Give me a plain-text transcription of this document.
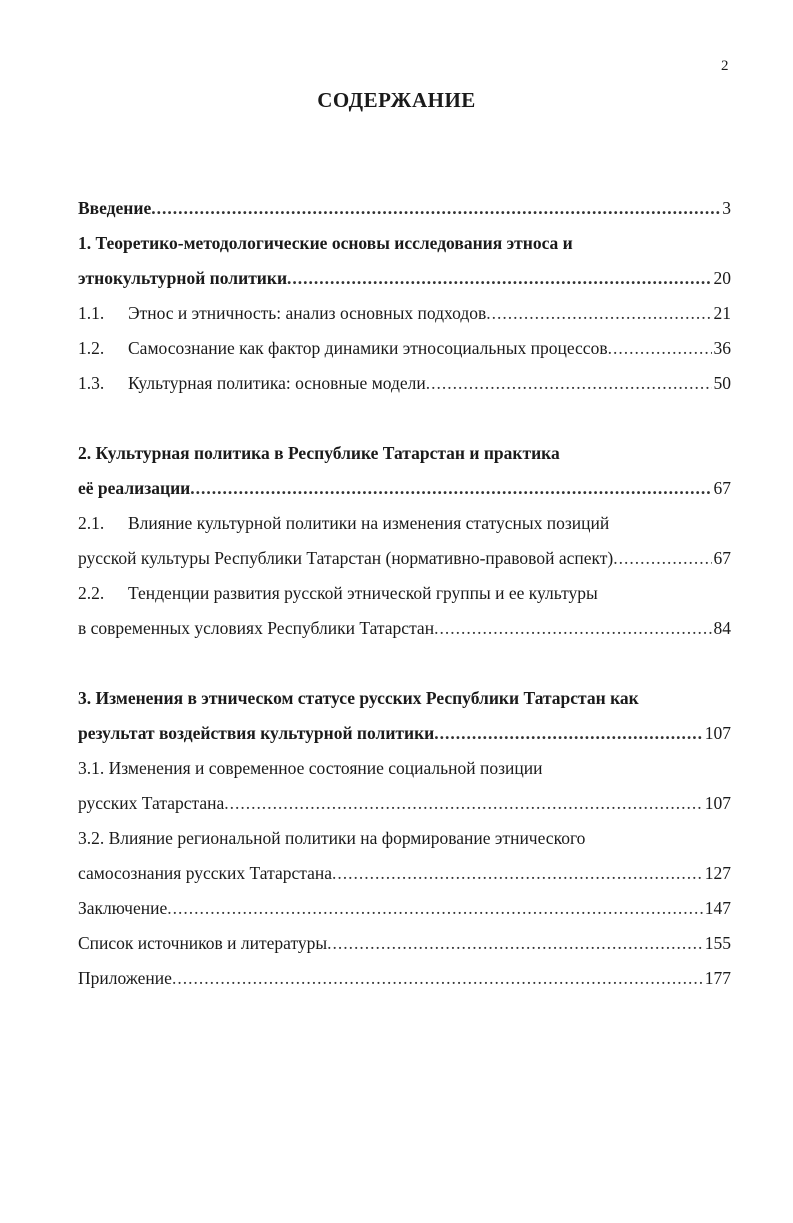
2
СОДЕРЖАНИЕ
Введение .....	3
1. Теоретико-методологические основы исследования этноса и
этнокультурной политики .....	20
1.1. Этнос и этничность: анализ основных подходов .....	21
1.2. Самосознание как фактор динамики этносоциальных процессов .....	36
1.3. Культурная политика: основные модели .....	50
2. Культурная политика в Республике Татарстан и практика
её реализации .....	67
2.1. Влияние культурной политики на изменения статусных позиций
русской культуры Республики Татарстан (нормативно-правовой аспект) .....	67
2.2. Тенденции развития русской этнической группы и ее культуры
в современных условиях Республики Татарстан .....	84
3. Изменения в этническом статусе русских Республики Татарстан как
результат воздействия культурной политики .....	107
3.1. Изменения и современное состояние социальной позиции
русских Татарстана .....	107
3.2. Влияние региональной политики на формирование этнического
самосознания русских Татарстана .....	127
Заключение .....	147
Список источников и литературы .....	155
Приложение .....	177
